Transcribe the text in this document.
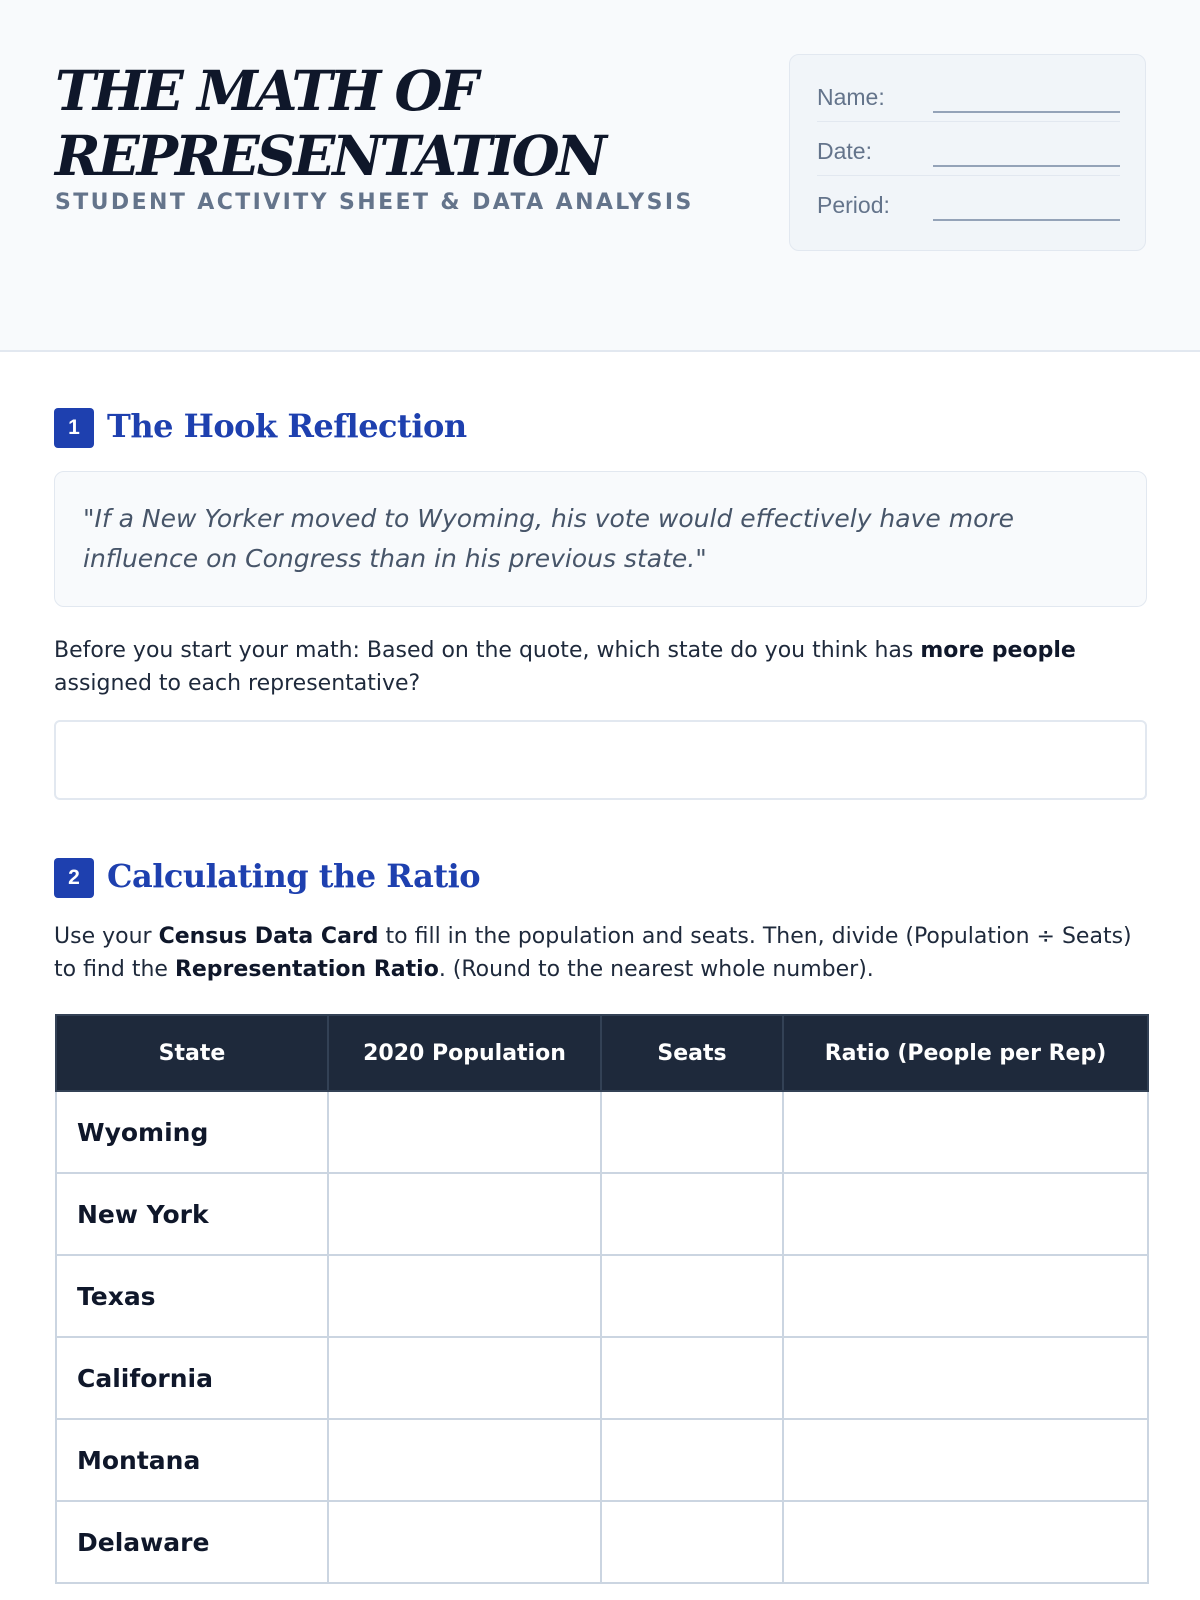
THE MATH OF
REPRESENTATION
STUDENT ACTIVITY SHEET & DATA ANALYSIS
Name:
Date:
Period:
1 The Hook Reflection
"If a New Yorker moved to Wyoming, his vote would effectively have more influence on Congress than in his previous state."

Before you start your math: Based on the quote, which state do you think has more people assigned to each representative?

2 Calculating the Ratio

Use your Census Data Card to fill in the population and seats. Then, divide (Population ÷ Seats) to find the Representation Ratio. (Round to the nearest whole number).

State	2020 Population	Seats	Ratio (People per Rep)
Wyoming			
New York			
Texas			
California			
Montana			
Delaware			
